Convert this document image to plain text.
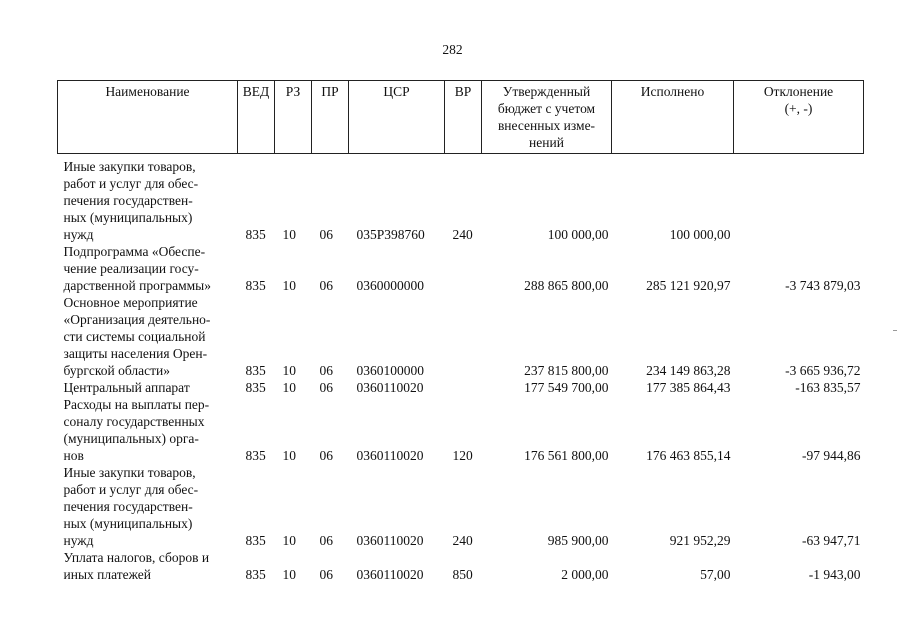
282
Наименование	ВЕД	РЗ	ПР	ЦСР	ВР	Утвержденный
бюджет с учетом
внесенных изме-
нений	Исполнено	Отклонение
(+, -)

Иные закупки товаров,
работ и услуг для обес-
печения государствен-
ных (муниципальных)
нужд	835	10	06	035P398760	240	100 000,00	100 000,00	

Подпрограмма «Обеспе-
чение реализации госу-
дарственной программы»	835	10	06	0360000000		288 865 800,00	285 121 920,97	-3 743 879,03

Основное мероприятие
«Организация деятельно-
сти системы социальной
защиты населения Орен-
бургской области»	835	10	06	0360100000		237 815 800,00	234 149 863,28	-3 665 936,72

Центральный аппарат	835	10	06	0360110020		177 549 700,00	177 385 864,43	-163 835,57

Расходы на выплаты пер-
соналу государственных
(муниципальных) орга-
нов	835	10	06	0360110020	120	176 561 800,00	176 463 855,14	-97 944,86

Иные закупки товаров,
работ и услуг для обес-
печения государствен-
ных (муниципальных)
нужд	835	10	06	0360110020	240	985 900,00	921 952,29	-63 947,71

Уплата налогов, сборов и
иных платежей	835	10	06	0360110020	850	2 000,00	57,00	-1 943,00
